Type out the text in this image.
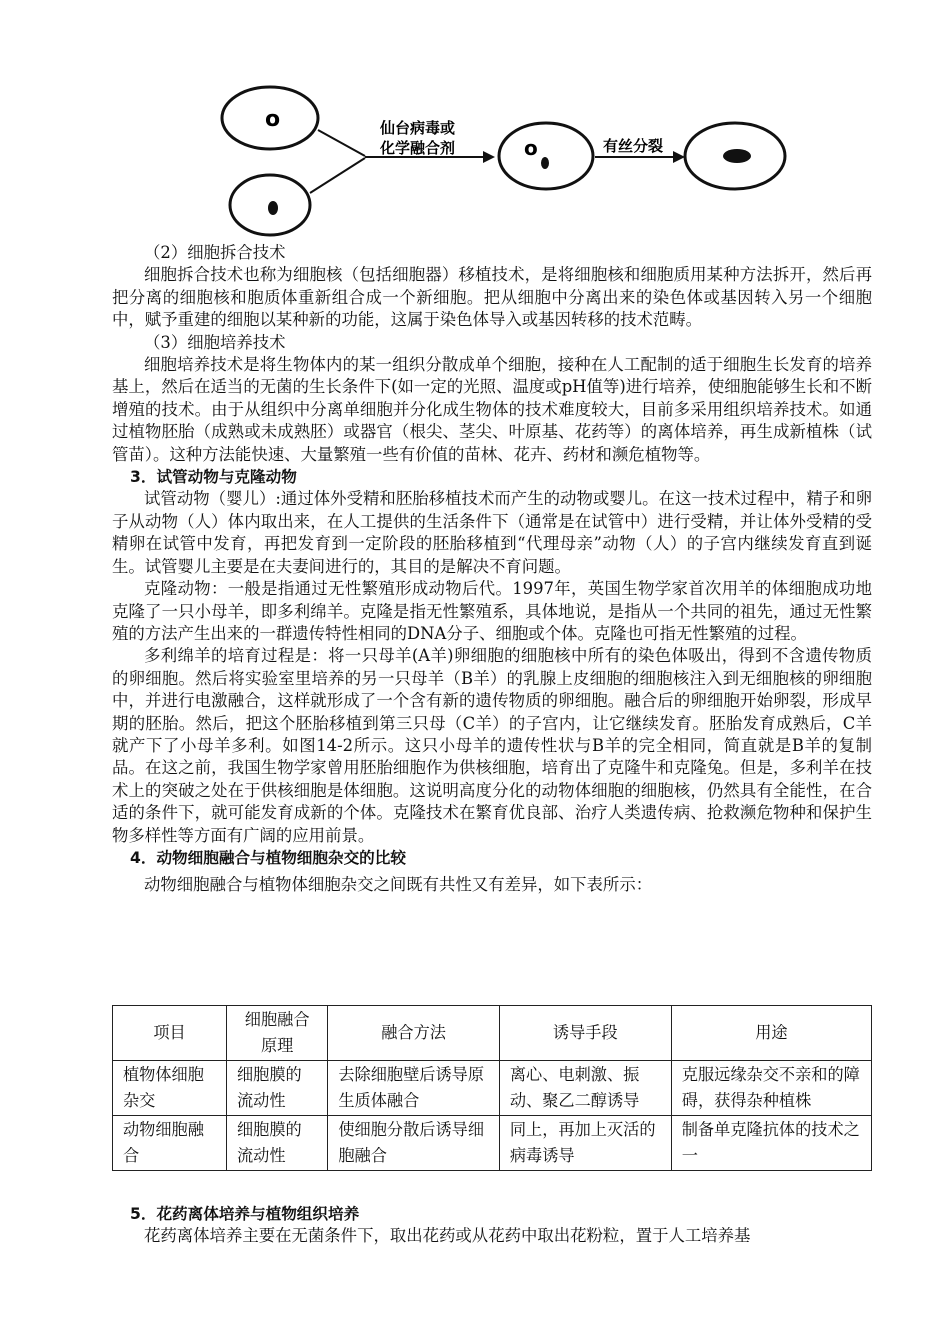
o	仙台病毒或
化学融合剂	o	有丝分裂

（2）细胞拆合技术

细胞拆合技术也称为细胞核（包括细胞器）移植技术，是将细胞核和细胞质用某种方法拆开，然后再把分离的细胞核和胞质体重新组合成一个新细胞。把从细胞中分离出来的染色体或基因转入另一个细胞中，赋予重建的细胞以某种新的功能，这属于染色体导入或基因转移的技术范畴。

（3）细胞培养技术

细胞培养技术是将生物体内的某一组织分散成单个细胞，接种在人工配制的适于细胞生长发育的培养基上，然后在适当的无菌的生长条件下(如一定的光照、温度或pH值等)进行培养，使细胞能够生长和不断增殖的技术。由于从组织中分离单细胞并分化成生物体的技术难度较大，目前多采用组织培养技术。如通过植物胚胎（成熟或未成熟胚）或器官（根尖、茎尖、叶原基、花药等）的离体培养，再生成新植株（试管苗）。这种方法能快速、大量繁殖一些有价值的苗林、花卉、药材和濒危植物等。

3．试管动物与克隆动物

试管动物（婴儿）:通过体外受精和胚胎移植技术而产生的动物或婴儿。在这一技术过程中，精子和卵子从动物（人）体内取出来，在人工提供的生活条件下（通常是在试管中）进行受精，并让体外受精的受精卵在试管中发育，再把发育到一定阶段的胚胎移植到“代理母亲”动物（人）的子宫内继续发育直到诞生。试管婴儿主要是在夫妻间进行的，其目的是解决不育问题。

克隆动物：一般是指通过无性繁殖形成动物后代。1997年，英国生物学家首次用羊的体细胞成功地克隆了一只小母羊，即多利绵羊。克隆是指无性繁殖系，具体地说，是指从一个共同的祖先，通过无性繁殖的方法产生出来的一群遗传特性相同的DNA分子、细胞或个体。克隆也可指无性繁殖的过程。

多利绵羊的培育过程是：将一只母羊(A羊)卵细胞的细胞核中所有的染色体吸出，得到不含遗传物质的卵细胞。然后将实验室里培养的另一只母羊（B羊）的乳腺上皮细胞的细胞核注入到无细胞核的卵细胞中，并进行电激融合，这样就形成了一个含有新的遗传物质的卵细胞。融合后的卵细胞开始卵裂，形成早期的胚胎。然后，把这个胚胎移植到第三只母（C羊）的子宫内，让它继续发育。胚胎发育成熟后，C羊就产下了小母羊多利。如图14-2所示。这只小母羊的遗传性状与B羊的完全相同，简直就是B羊的复制品。在这之前，我国生物学家曾用胚胎细胞作为供核细胞，培育出了克隆牛和克隆兔。但是，多利羊在技术上的突破之处在于供核细胞是体细胞。这说明高度分化的动物体细胞的细胞核，仍然具有全能性，在合适的条件下，就可能发育成新的个体。克隆技术在繁育优良部、治疗人类遗传病、抢救濒危物种和保护生物多样性等方面有广阔的应用前景。

4．动物细胞融合与植物细胞杂交的比较

动物细胞融合与植物体细胞杂交之间既有共性又有差异，如下表所示：

项目	细胞融合原理	融合方法	诱导手段	用途
植物体细胞杂交	细胞膜的流动性	去除细胞壁后诱导原生质体融合	离心、电刺激、振动、聚乙二醇诱导	克服远缘杂交不亲和的障碍，获得杂种植株
动物细胞融合	细胞膜的流动性	使细胞分散后诱导细胞融合	同上，再加上灭活的病毒诱导	制备单克隆抗体的技术之一

5．花药离体培养与植物组织培养

花药离体培养主要在无菌条件下，取出花药或从花药中取出花粉粒，置于人工培养基
